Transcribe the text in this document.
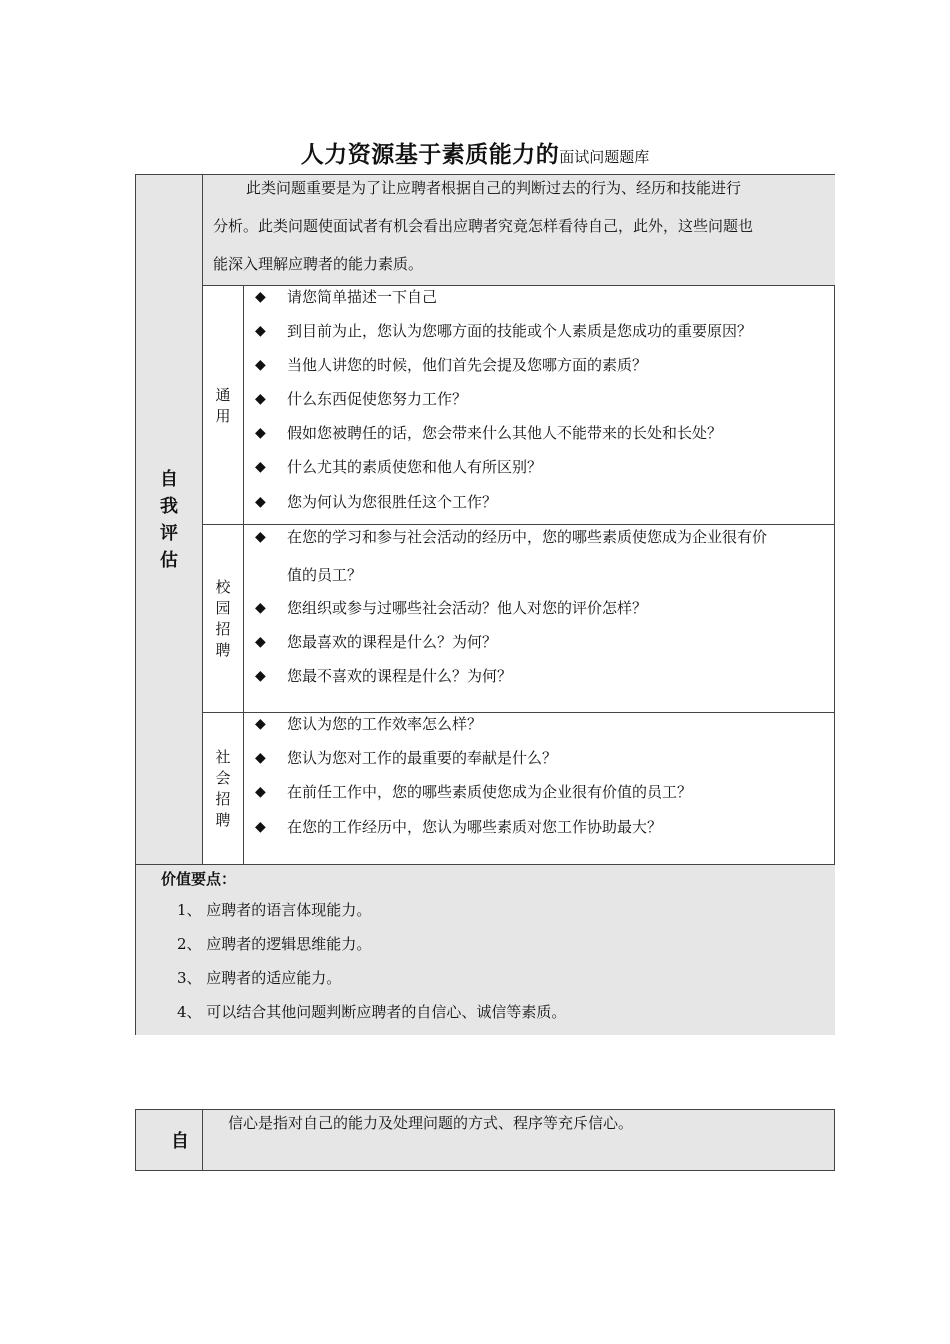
人力资源基于素质能力的面试问题题库
自
我
评
估
此类问题重要是为了让应聘者根据自己的判断过去的行为、经历和技能进行
分析。此类问题使面试者有机会看出应聘者究竟怎样看待自己，此外，这些问题也
能深入理解应聘者的能力素质。
通
用
◆ 请您简单描述一下自己
◆ 到目前为止，您认为您哪方面的技能或个人素质是您成功的重要原因？
◆ 当他人讲您的时候，他们首先会提及您哪方面的素质？
◆ 什么东西促使您努力工作？
◆ 假如您被聘任的话，您会带来什么其他人不能带来的长处和长处？
◆ 什么尤其的素质使您和他人有所区别？
◆ 您为何认为您很胜任这个工作？
校
园
招
聘
◆ 在您的学习和参与社会活动的经历中，您的哪些素质使您成为企业很有价
值的员工？
◆ 您组织或参与过哪些社会活动？他人对您的评价怎样？
◆ 您最喜欢的课程是什么？为何？
◆ 您最不喜欢的课程是什么？为何？
社
会
招
聘
◆ 您认为您的工作效率怎么样？
◆ 您认为您对工作的最重要的奉献是什么？
◆ 在前任工作中，您的哪些素质使您成为企业很有价值的员工？
◆ 在您的工作经历中，您认为哪些素质对您工作协助最大？
价值要点：
1、 应聘者的语言体现能力。
2、 应聘者的逻辑思维能力。
3、 应聘者的适应能力。
4、 可以结合其他问题判断应聘者的自信心、诚信等素质。
自
信心是指对自己的能力及处理问题的方式、程序等充斥信心。
